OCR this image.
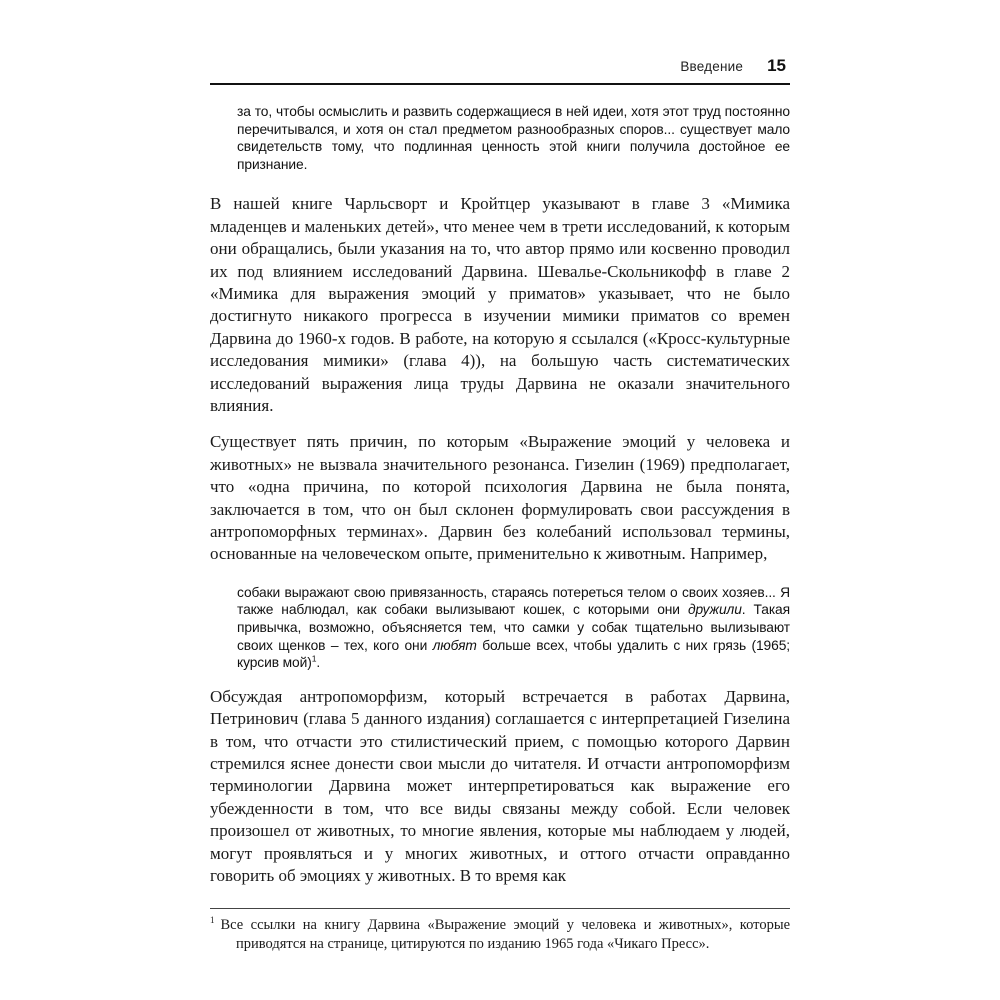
Введение 15
за то, чтобы осмыслить и развить содержащиеся в ней идеи, хотя этот труд постоянно перечитывался, и хотя он стал предметом разнообразных споров... существует мало свидетельств тому, что подлинная ценность этой книги получила достойное ее признание.

В нашей книге Чарльсворт и Кройтцер указывают в главе 3 «Мимика младенцев и маленьких детей», что менее чем в трети исследований, к которым они обращались, были указания на то, что автор прямо или косвенно проводил их под влиянием исследований Дарвина. Шевалье-Скольникофф в главе 2 «Мимика для выражения эмоций у приматов» указывает, что не было достигнуто никакого прогресса в изучении мимики приматов со времен Дарвина до 1960-х годов. В работе, на которую я ссылался («Кросс-культурные исследования мимики» (глава 4)), на большую часть систематических исследований выражения лица труды Дарвина не оказали значительного влияния.

Существует пять причин, по которым «Выражение эмоций у человека и животных» не вызвала значительного резонанса. Гизелин (1969) предполагает, что «одна причина, по которой психология Дарвина не была понята, заключается в том, что он был склонен формулировать свои рассуждения в антропоморфных терминах». Дарвин без колебаний использовал термины, основанные на человеческом опыте, применительно к животным. Например,

собаки выражают свою привязанность, стараясь потереться телом о своих хозяев... Я также наблюдал, как собаки вылизывают кошек, с которыми они дружили. Такая привычка, возможно, объясняется тем, что самки у собак тщательно вылизывают своих щенков – тех, кого они любят больше всех, чтобы удалить с них грязь (1965; курсив мой)$^1$.

Обсуждая антропоморфизм, который встречается в работах Дарвина, Петринович (глава 5 данного издания) соглашается с интерпретацией Гизелина в том, что отчасти это стилистический прием, с помощью которого Дарвин стремился яснее донести свои мысли до читателя. И отчасти антропоморфизм терминологии Дарвина может интерпретироваться как выражение его убежденности в том, что все виды связаны между собой. Если человек произошел от животных, то многие явления, которые мы наблюдаем у людей, могут проявляться и у многих животных, и оттого отчасти оправданно говорить об эмоциях у животных. В то время как

$^1$ Все ссылки на книгу Дарвина «Выражение эмоций у человека и животных», которые приводятся на странице, цитируются по изданию 1965 года «Чикаго Пресс».
